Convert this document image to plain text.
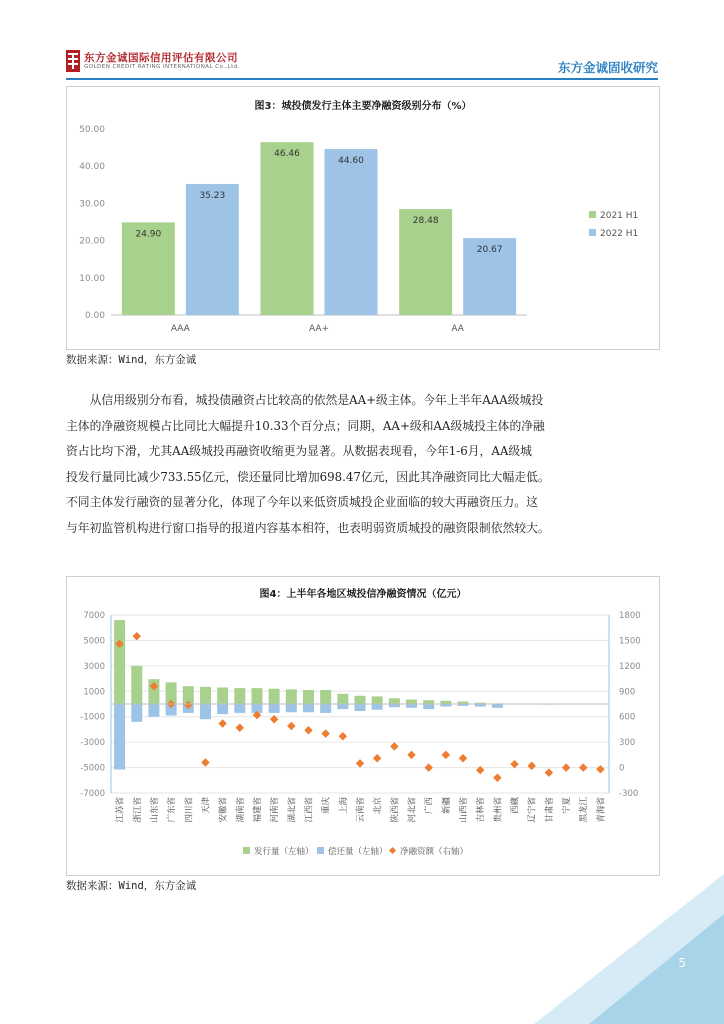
东方金诚国际信用评估有限公司
GOLDEN CREDIT RATING INTERNATIONAL Co.,Ltd.	东方金诚固收研究
图3：城投债发行主体主要净融资级别分布（%）
0.00
10.00
20.00
30.00
40.00
50.00
24.90
35.23
AAA
46.46
44.60
AA+
28.48
20.67
AA
2021 H1
2022 H1
数据来源：Wind，东方金诚
从信用级别分布看，城投债融资占比较高的依然是AA+级主体。今年上半年AAA级城投
主体的净融资规模占比同比大幅提升10.33个百分点；同期，AA+级和AA级城投主体的净融
资占比均下滑，尤其AA级城投再融资收缩更为显著。从数据表现看，今年1-6月，AA级城
投发行量同比减少733.55亿元，偿还量同比增加698.47亿元，因此其净融资同比大幅走低。
不同主体发行融资的显著分化，体现了今年以来低资质城投企业面临的较大再融资压力。这
与年初监管机构进行窗口指导的报道内容基本相符，也表明弱资质城投的融资限制依然较大。
图4：上半年各地区城投信净融资情况（亿元）
7000
5000
3000
1000
-1000
-3000
-5000
-7000
1800
1500
1200
900
600
300
0
-300
江苏省 浙江省 山东省 广东省 四川省 天津 安徽省 湖南省 福建省 河南省 湖北省 江西省 重庆 上海 云南省 北京 陕西省 河北省 广西 新疆 山西省 吉林省 贵州省 西藏 辽宁省 甘肃省 宁夏 黑龙江 青海省
发行量（左轴） 偿还量（左轴） 净融资额（右轴）
数据来源：Wind，东方金诚
5
